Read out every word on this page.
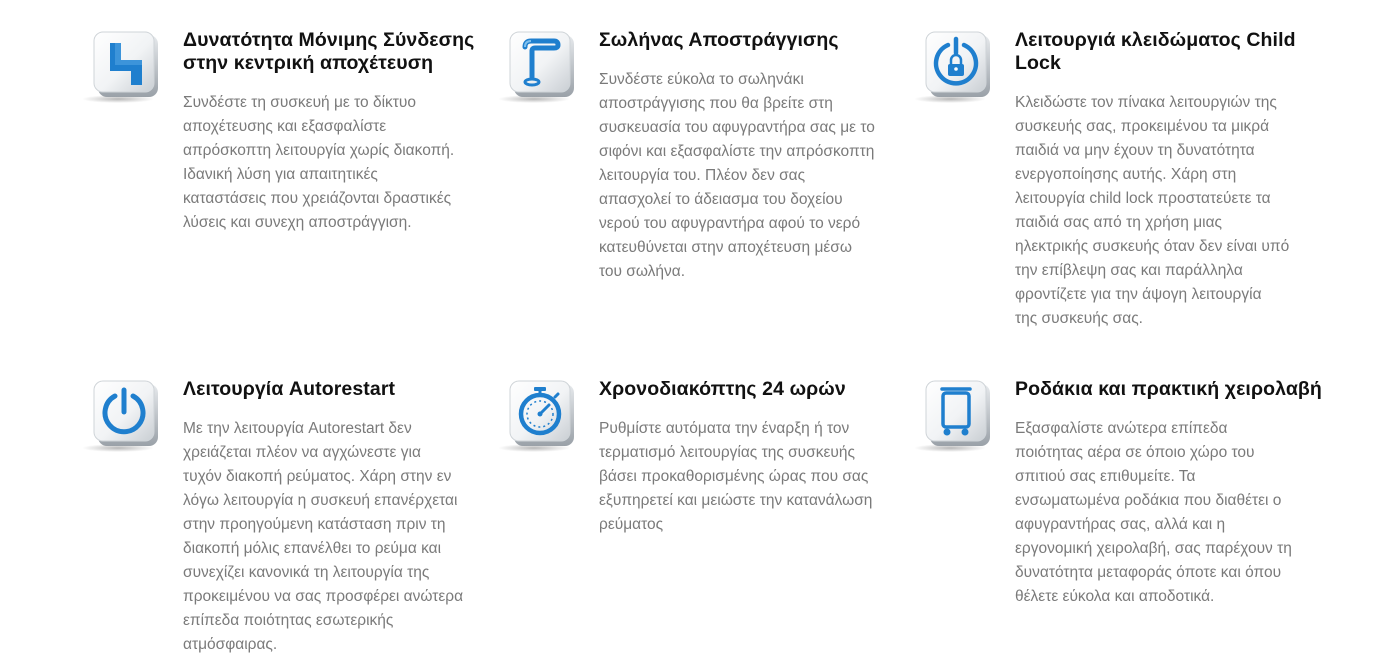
Δυνατότητα Μόνιμης Σύνδεσης
στην κεντρική αποχέτευση

Συνδέστε τη συσκευή με το δίκτυο
αποχέτευσης και εξασφαλίστε
απρόσκοπτη λειτουργία χωρίς διακοπή.
Ιδανική λύση για απαιτητικές
καταστάσεις που χρειάζονται δραστικές
λύσεις και συνεχη αποστράγγιση.

Σωλήνας Αποστράγγισης

Συνδέστε εύκολα το σωληνάκι
αποστράγγισης που θα βρείτε στη
συσκευασία του αφυγραντήρα σας με το
σιφόνι και εξασφαλίστε την απρόσκοπτη
λειτουργία του. Πλέον δεν σας
απασχολεί το άδειασμα του δοχείου
νερού του αφυγραντήρα αφού το νερό
κατευθύνεται στην αποχέτευση μέσω
του σωλήνα.

Λειτουργιά κλειδώματος Child
Lock

Κλειδώστε τον πίνακα λειτουργιών της
συσκευής σας, προκειμένου τα μικρά
παιδιά να μην έχουν τη δυνατότητα
ενεργοποίησης αυτής. Χάρη στη
λειτουργία child lock προστατεύετε τα
παιδιά σας από τη χρήση μιας
ηλεκτρικής συσκευής όταν δεν είναι υπό
την επίβλεψη σας και παράλληλα
φροντίζετε για την άψογη λειτουργία
της συσκευής σας.

Λειτουργία Autorestart

Με την λειτουργία Autorestart δεν
χρειάζεται πλέον να αγχώνεστε για
τυχόν διακοπή ρεύματος. Χάρη στην εν
λόγω λειτουργία η συσκευή επανέρχεται
στην προηγούμενη κατάσταση πριν τη
διακοπή μόλις επανέλθει το ρεύμα και
συνεχίζει κανονικά τη λειτουργία της
προκειμένου να σας προσφέρει ανώτερα
επίπεδα ποιότητας εσωτερικής
ατμόσφαιρας.

Χρονοδιακόπτης 24 ωρών

Ρυθμίστε αυτόματα την έναρξη ή τον
τερματισμό λειτουργίας της συσκευής
βάσει προκαθορισμένης ώρας που σας
εξυπηρετεί και μειώστε την κατανάλωση
ρεύματος

Ροδάκια και πρακτική χειρολαβή

Εξασφαλίστε ανώτερα επίπεδα
ποιότητας αέρα σε όποιο χώρο του
σπιτιού σας επιθυμείτε. Τα
ενσωματωμένα ροδάκια που διαθέτει ο
αφυγραντήρας σας, αλλά και η
εργονομική χειρολαβή, σας παρέχουν τη
δυνατότητα μεταφοράς όποτε και όπου
θέλετε εύκολα και αποδοτικά.
